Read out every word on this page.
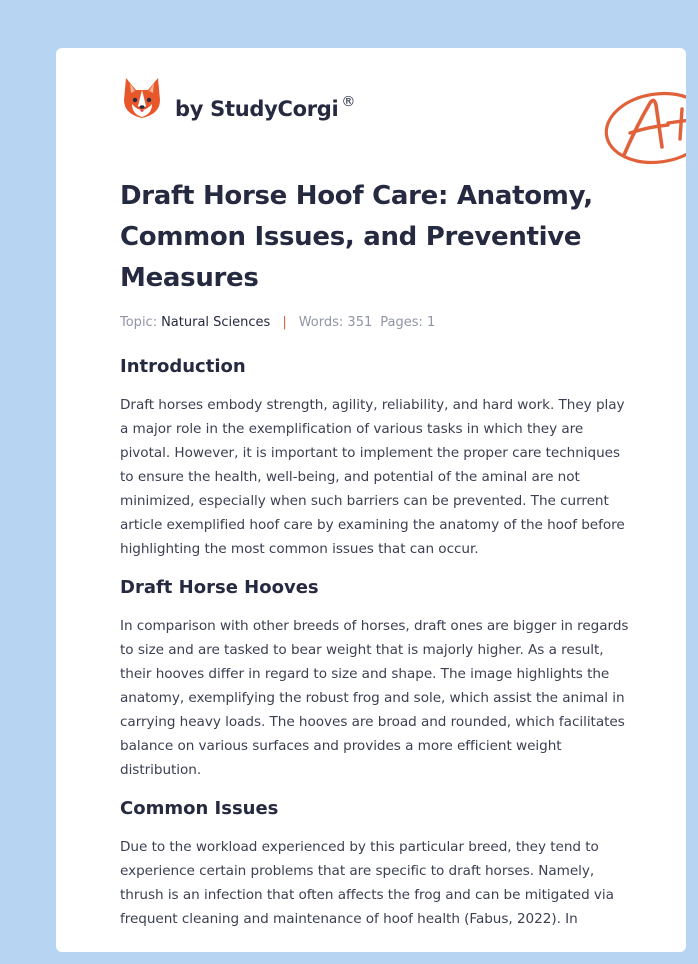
by StudyCorgi ®
Draft Horse Hoof Care: Anatomy, Common Issues, and Preventive Measures
Topic: Natural Sciences | Words: 351 Pages: 1
Introduction

Draft horses embody strength, agility, reliability, and hard work. They play a major role in the exemplification of various tasks in which they are pivotal. However, it is important to implement the proper care techniques to ensure the health, well-being, and potential of the aminal are not minimized, especially when such barriers can be prevented. The current article exemplified hoof care by examining the anatomy of the hoof before highlighting the most common issues that can occur.

Draft Horse Hooves

In comparison with other breeds of horses, draft ones are bigger in regards to size and are tasked to bear weight that is majorly higher. As a result, their hooves differ in regard to size and shape. The image highlights the anatomy, exemplifying the robust frog and sole, which assist the animal in carrying heavy loads. The hooves are broad and rounded, which facilitates balance on various surfaces and provides a more efficient weight distribution.

Common Issues

Due to the workload experienced by this particular breed, they tend to experience certain problems that are specific to draft horses. Namely, thrush is an infection that often affects the frog and can be mitigated via frequent cleaning and maintenance of hoof health (Fabus, 2022). In
